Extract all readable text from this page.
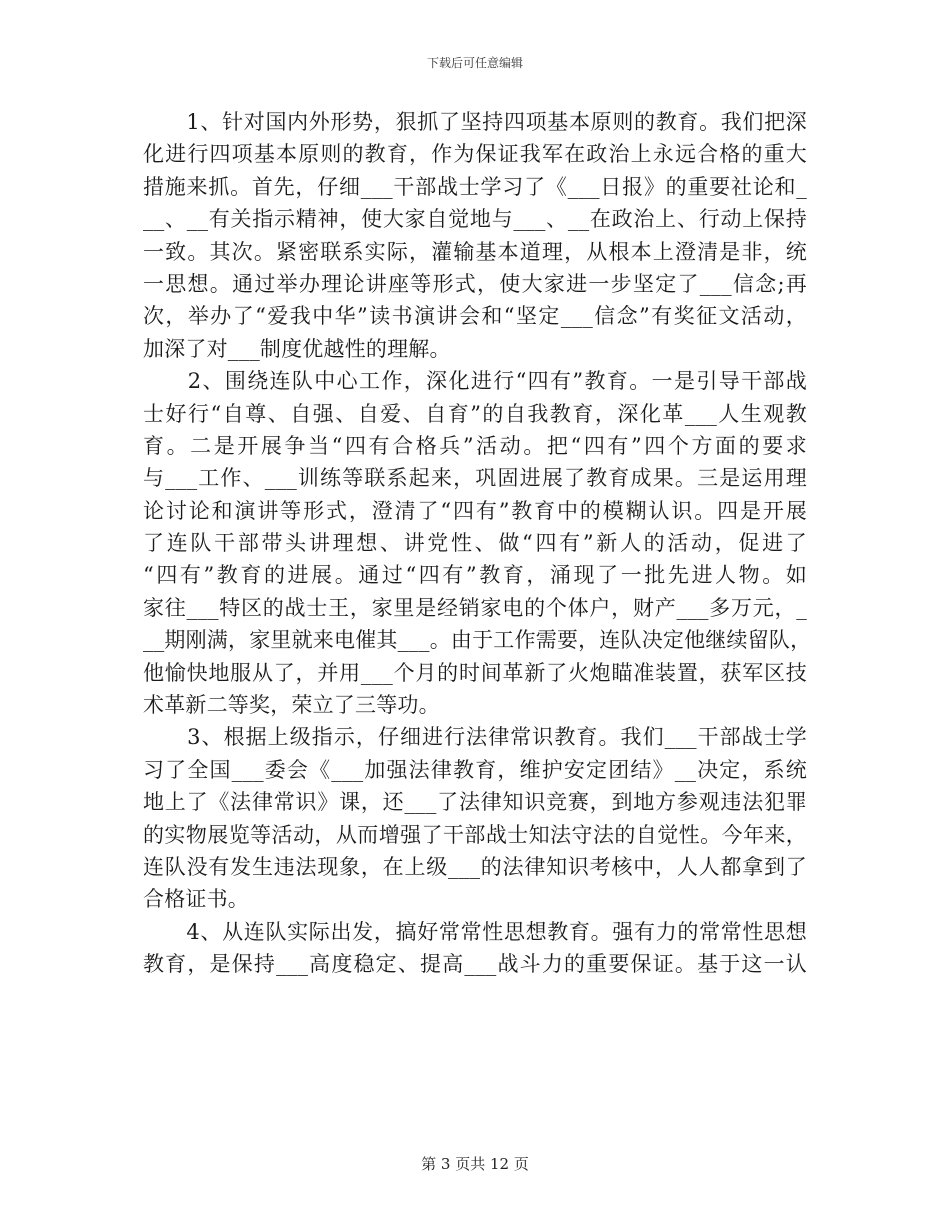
下载后可任意编辑
　　1、针对国内外形势，狠抓了坚持四项基本原则的教育。我们把深
化进行四项基本原则的教育，作为保证我军在政治上永远合格的重大
措施来抓。首先，仔细___干部战士学习了《___日报》的重要社论和_
__、__有关指示精神，使大家自觉地与___、__在政治上、行动上保持
一致。其次。紧密联系实际，灌输基本道理，从根本上澄清是非，统
一思想。通过举办理论讲座等形式，使大家进一步坚定了___信念;再
次，举办了“爱我中华”读书演讲会和“坚定___信念”有奖征文活动，
加深了对___制度优越性的理解。
　　2、围绕连队中心工作，深化进行“四有”教育。一是引导干部战
士好行“自尊、自强、自爱、自育”的自我教育，深化革___人生观教
育。二是开展争当“四有合格兵”活动。把“四有”四个方面的要求
与___工作、___训练等联系起来，巩固进展了教育成果。三是运用理
论讨论和演讲等形式，澄清了“四有”教育中的模糊认识。四是开展
了连队干部带头讲理想、讲党性、做“四有”新人的活动，促进了
“四有”教育的进展。通过“四有”教育，涌现了一批先进人物。如
家往___特区的战士王，家里是经销家电的个体户，财产___多万元，_
__期刚满，家里就来电催其___。由于工作需要，连队决定他继续留队，
他愉快地服从了，并用___个月的时间革新了火炮瞄准装置，获军区技
术革新二等奖，荣立了三等功。
　　3、根据上级指示，仔细进行法律常识教育。我们___干部战士学
习了全国___委会《___加强法律教育，维护安定团结》__决定，系统
地上了《法律常识》课，还___了法律知识竞赛，到地方参观违法犯罪
的实物展览等活动，从而增强了干部战士知法守法的自觉性。今年来，
连队没有发生违法现象，在上级___的法律知识考核中，人人都拿到了
合格证书。
　　4、从连队实际出发，搞好常常性思想教育。强有力的常常性思想
教育，是保持___高度稳定、提高___战斗力的重要保证。基于这一认
第 3 页共 12 页
